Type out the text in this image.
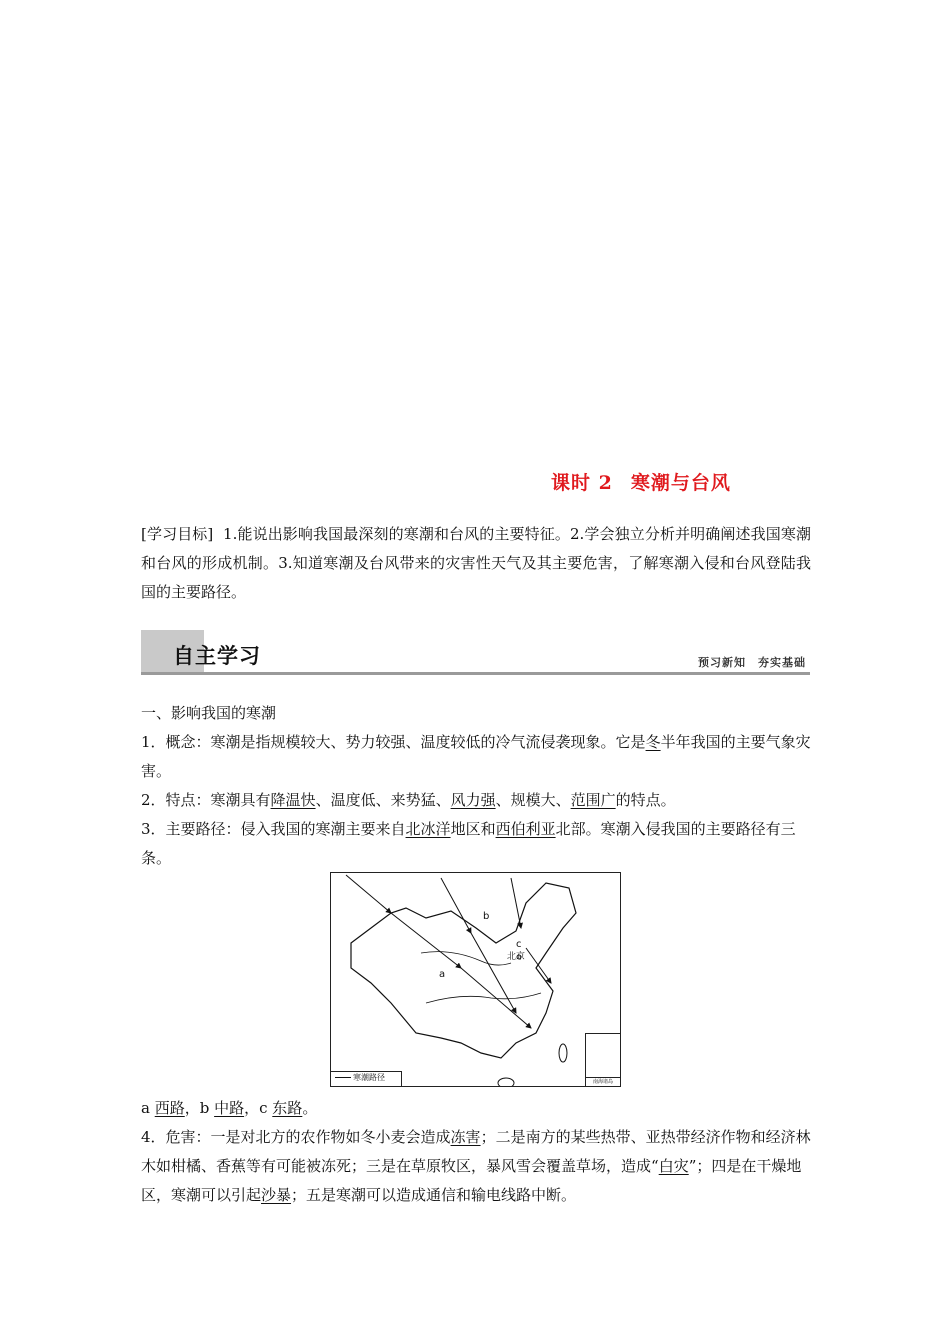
课时 2 寒潮与台风
[学习目标] 1.能说出影响我国最深刻的寒潮和台风的主要特征。2.学会独立分析并明确阐述我国寒潮和台风的形成机制。3.知道寒潮及台风带来的灾害性天气及其主要危害，了解寒潮入侵和台风登陆我国的主要路径。
自主学习	预习新知　夯实基础
一、影响我国的寒潮
1．概念：寒潮是指规模较大、势力较强、温度较低的冷气流侵袭现象。它是冬半年我国的主要气象灾害。
2．特点：寒潮具有降温快、温度低、来势猛、风力强、规模大、范围广的特点。
3．主要路径：侵入我国的寒潮主要来自北冰洋地区和西伯利亚北部。寒潮入侵我国的主要路径有三条。
a
b
c
北京
寒潮路径	南海诸岛
a 西路，b 中路，c 东路。
4．危害：一是对北方的农作物如冬小麦会造成冻害；二是南方的某些热带、亚热带经济作物和经济林木如柑橘、香蕉等有可能被冻死；三是在草原牧区，暴风雪会覆盖草场，造成“白灾”；四是在干燥地区，寒潮可以引起沙暴；五是寒潮可以造成通信和输电线路中断。
